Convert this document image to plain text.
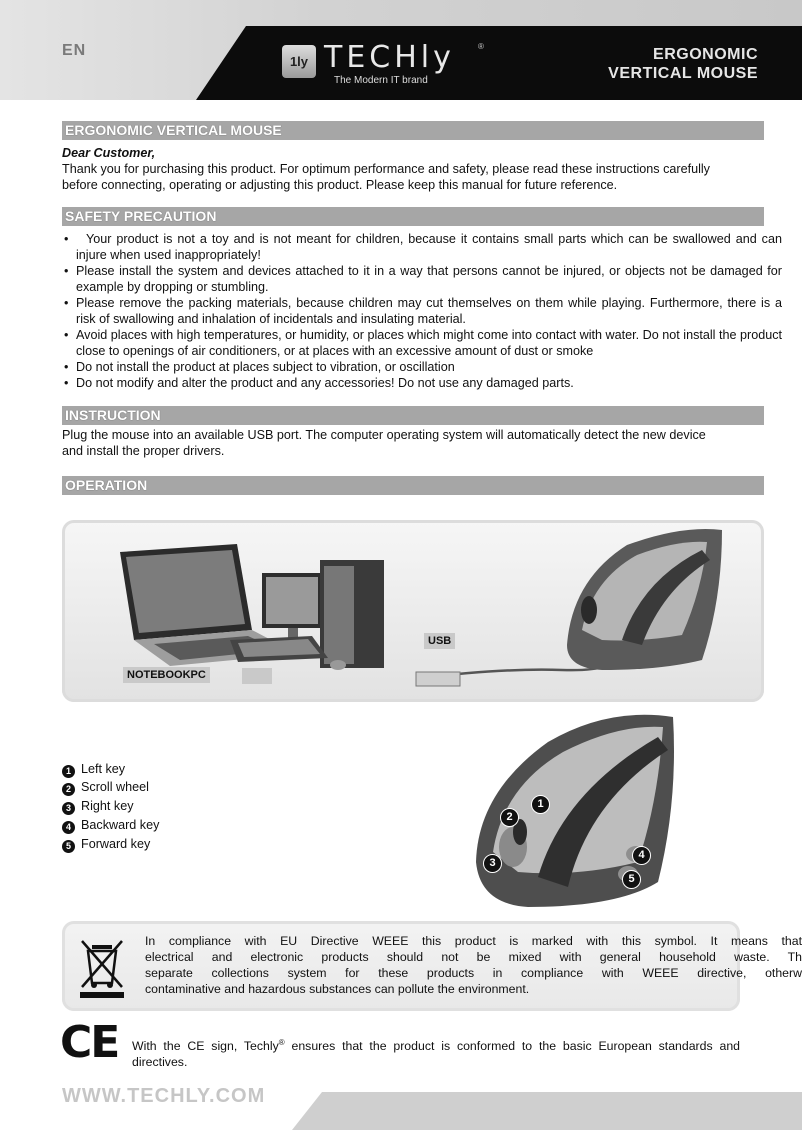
EN
1ly TECHly	®
The Modern IT brand
ERGONOMIC
VERTICAL MOUSE
ERGONOMIC VERTICAL MOUSE
Dear Customer,
Thank you for purchasing this product. For optimum performance and safety, please read these instructions carefully
before connecting, operating or adjusting this product. Please keep this manual for future reference.
SAFETY PRECAUTION
• Your product is not a toy and is not meant for children, because it contains small parts which can be swallowed and can injure when used inappropriately!
• Please install the system and devices attached to it in a way that persons cannot be injured, or objects not be damaged for example by dropping or stumbling.
• Please remove the packing materials, because children may cut themselves on them while playing. Furthermore, there is a risk of swallowing and inhalation of incidentals and insulating material.
• Avoid places with high temperatures, or humidity, or places which might come into contact with water. Do not install the product close to openings of air conditioners, or at places with an excessive amount of dust or smoke
• Do not install the product at places subject to vibration, or oscillation
• Do not modify and alter the product and any accessories! Do not use any damaged parts.
INSTRUCTION
Plug the mouse into an available USB port. The computer operating system will automatically detect the new device
and install the proper drivers.
OPERATION
NOTEBOOKPC
USB
1 Left key
2 Scroll wheel
3 Right key
4 Backward key
5 Forward key
1
2
3
4
5
In compliance with EU Directive WEEE this product is marked with this symbol. It means that
electrical and electronic products should not be mixed with general household waste. Th
separate collections system for these products in compliance with WEEE directive, otherw
contaminative and hazardous substances can pollute the environment.
CE With the CE sign, Techly® ensures that the product is conformed to the basic European standards and
directives.
WWW.TECHLY.COM
